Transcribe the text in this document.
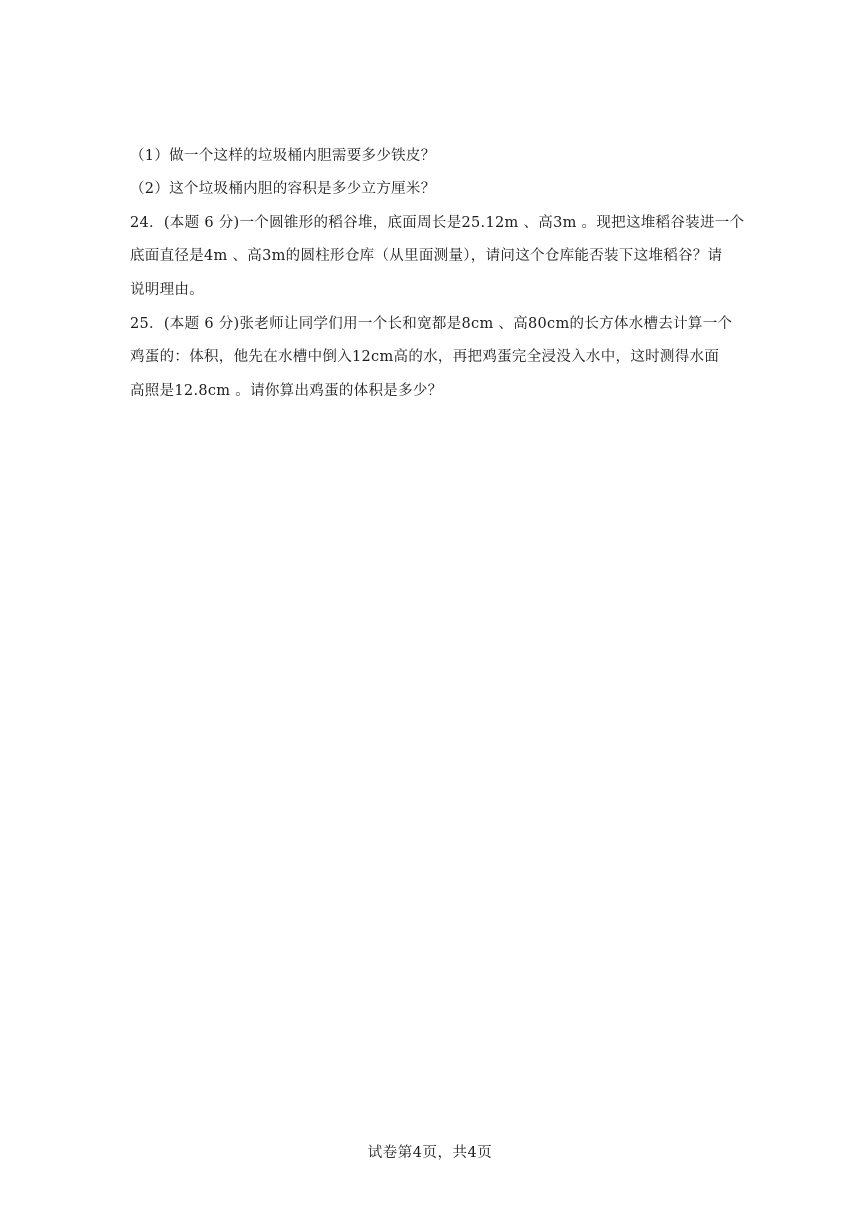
（1）做一个这样的垃圾桶内胆需要多少铁皮？
（2）这个垃圾桶内胆的容积是多少立方厘米？
24．(本题 6 分)一个圆锥形的稻谷堆，底面周长是25.12m 、高3m 。现把这堆稻谷装进一个
底面直径是4m 、高3m的圆柱形仓库（从里面测量），请问这个仓库能否装下这堆稻谷？请
说明理由。
25．(本题 6 分)张老师让同学们用一个长和宽都是8cm 、高80cm的长方体水槽去计算一个
鸡蛋的：体积，他先在水槽中倒入12cm高的水，再把鸡蛋完全浸没入水中，这时测得水面
高照是12.8cm 。请你算出鸡蛋的体积是多少？
试卷第4页，共4页
